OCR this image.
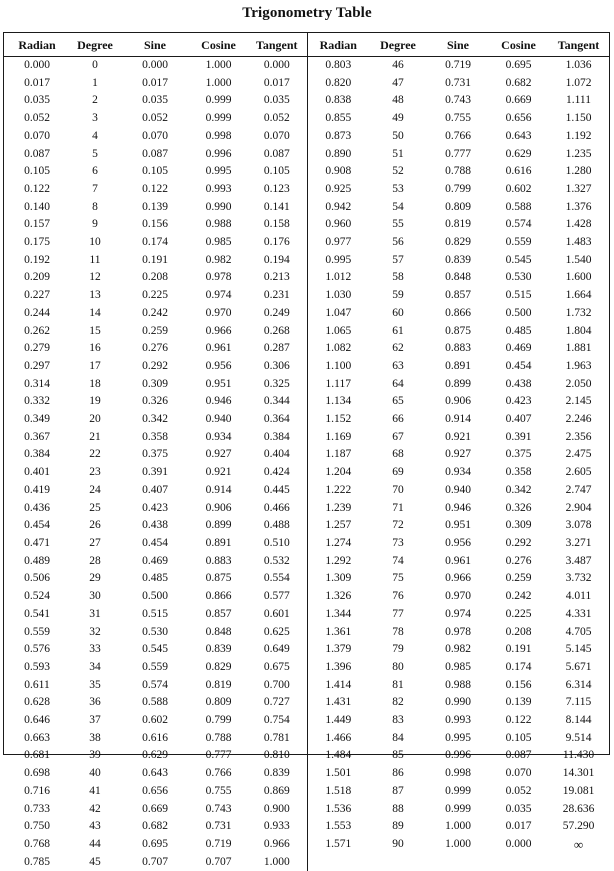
Trigonometry Table
Radian	Degree	Sine	Cosine	Tangent	Radian	Degree	Sine	Cosine	Tangent
0.000	0	0.000	1.000	0.000	0.803	46	0.719	0.695	1.036
0.017	1	0.017	1.000	0.017	0.820	47	0.731	0.682	1.072
0.035	2	0.035	0.999	0.035	0.838	48	0.743	0.669	1.111
0.052	3	0.052	0.999	0.052	0.855	49	0.755	0.656	1.150
0.070	4	0.070	0.998	0.070	0.873	50	0.766	0.643	1.192
0.087	5	0.087	0.996	0.087	0.890	51	0.777	0.629	1.235
0.105	6	0.105	0.995	0.105	0.908	52	0.788	0.616	1.280
0.122	7	0.122	0.993	0.123	0.925	53	0.799	0.602	1.327
0.140	8	0.139	0.990	0.141	0.942	54	0.809	0.588	1.376
0.157	9	0.156	0.988	0.158	0.960	55	0.819	0.574	1.428
0.175	10	0.174	0.985	0.176	0.977	56	0.829	0.559	1.483
0.192	11	0.191	0.982	0.194	0.995	57	0.839	0.545	1.540
0.209	12	0.208	0.978	0.213	1.012	58	0.848	0.530	1.600
0.227	13	0.225	0.974	0.231	1.030	59	0.857	0.515	1.664
0.244	14	0.242	0.970	0.249	1.047	60	0.866	0.500	1.732
0.262	15	0.259	0.966	0.268	1.065	61	0.875	0.485	1.804
0.279	16	0.276	0.961	0.287	1.082	62	0.883	0.469	1.881
0.297	17	0.292	0.956	0.306	1.100	63	0.891	0.454	1.963
0.314	18	0.309	0.951	0.325	1.117	64	0.899	0.438	2.050
0.332	19	0.326	0.946	0.344	1.134	65	0.906	0.423	2.145
0.349	20	0.342	0.940	0.364	1.152	66	0.914	0.407	2.246
0.367	21	0.358	0.934	0.384	1.169	67	0.921	0.391	2.356
0.384	22	0.375	0.927	0.404	1.187	68	0.927	0.375	2.475
0.401	23	0.391	0.921	0.424	1.204	69	0.934	0.358	2.605
0.419	24	0.407	0.914	0.445	1.222	70	0.940	0.342	2.747
0.436	25	0.423	0.906	0.466	1.239	71	0.946	0.326	2.904
0.454	26	0.438	0.899	0.488	1.257	72	0.951	0.309	3.078
0.471	27	0.454	0.891	0.510	1.274	73	0.956	0.292	3.271
0.489	28	0.469	0.883	0.532	1.292	74	0.961	0.276	3.487
0.506	29	0.485	0.875	0.554	1.309	75	0.966	0.259	3.732
0.524	30	0.500	0.866	0.577	1.326	76	0.970	0.242	4.011
0.541	31	0.515	0.857	0.601	1.344	77	0.974	0.225	4.331
0.559	32	0.530	0.848	0.625	1.361	78	0.978	0.208	4.705
0.576	33	0.545	0.839	0.649	1.379	79	0.982	0.191	5.145
0.593	34	0.559	0.829	0.675	1.396	80	0.985	0.174	5.671
0.611	35	0.574	0.819	0.700	1.414	81	0.988	0.156	6.314
0.628	36	0.588	0.809	0.727	1.431	82	0.990	0.139	7.115
0.646	37	0.602	0.799	0.754	1.449	83	0.993	0.122	8.144
0.663	38	0.616	0.788	0.781	1.466	84	0.995	0.105	9.514
0.681	39	0.629	0.777	0.810	1.484	85	0.996	0.087	11.430
0.698	40	0.643	0.766	0.839	1.501	86	0.998	0.070	14.301
0.716	41	0.656	0.755	0.869	1.518	87	0.999	0.052	19.081
0.733	42	0.669	0.743	0.900	1.536	88	0.999	0.035	28.636
0.750	43	0.682	0.731	0.933	1.553	89	1.000	0.017	57.290
0.768	44	0.695	0.719	0.966	1.571	90	1.000	0.000	∞
0.785	45	0.707	0.707	1.000					
